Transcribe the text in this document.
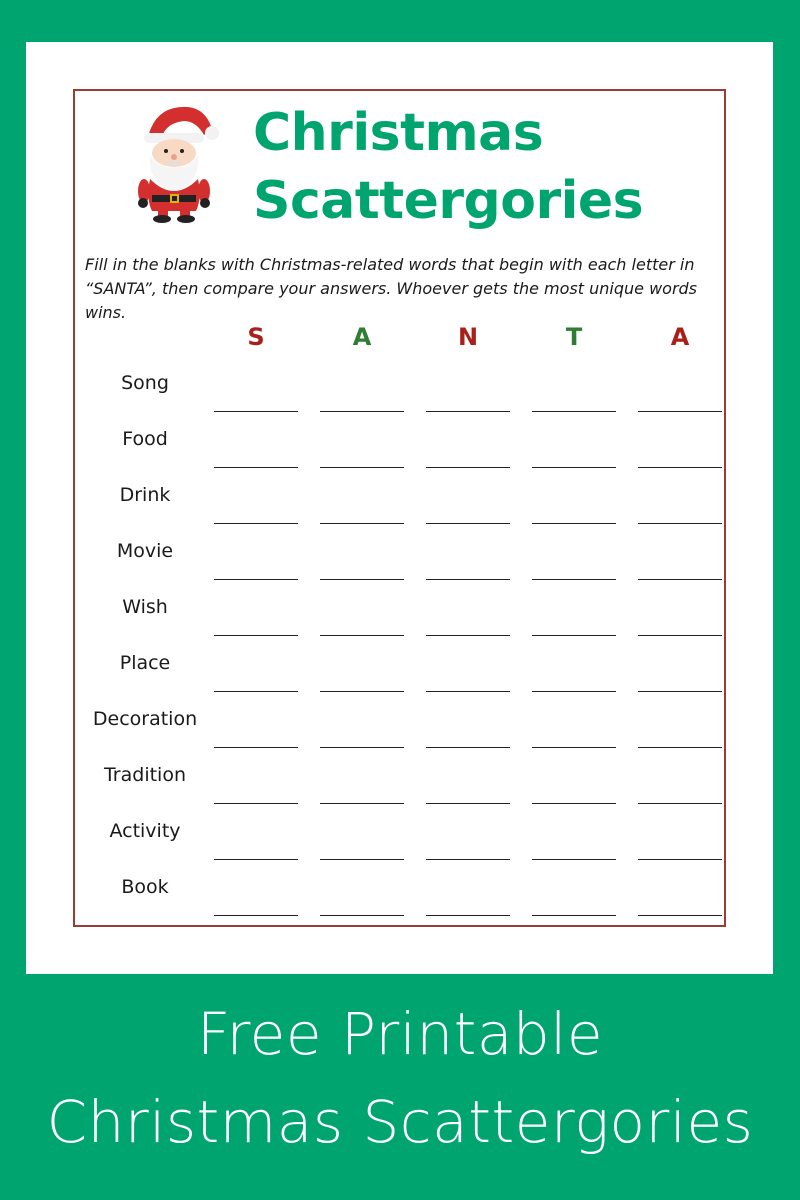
Christmas
Scattergories

Fill in the blanks with Christmas-related words that begin with each letter in “SANTA”, then compare your answers. Whoever gets the most unique words wins.

S	A	N	T	A
Song
Food
Drink
Movie
Wish
Place
Decoration
Tradition
Activity
Book
Free Printable
Christmas Scattergories
